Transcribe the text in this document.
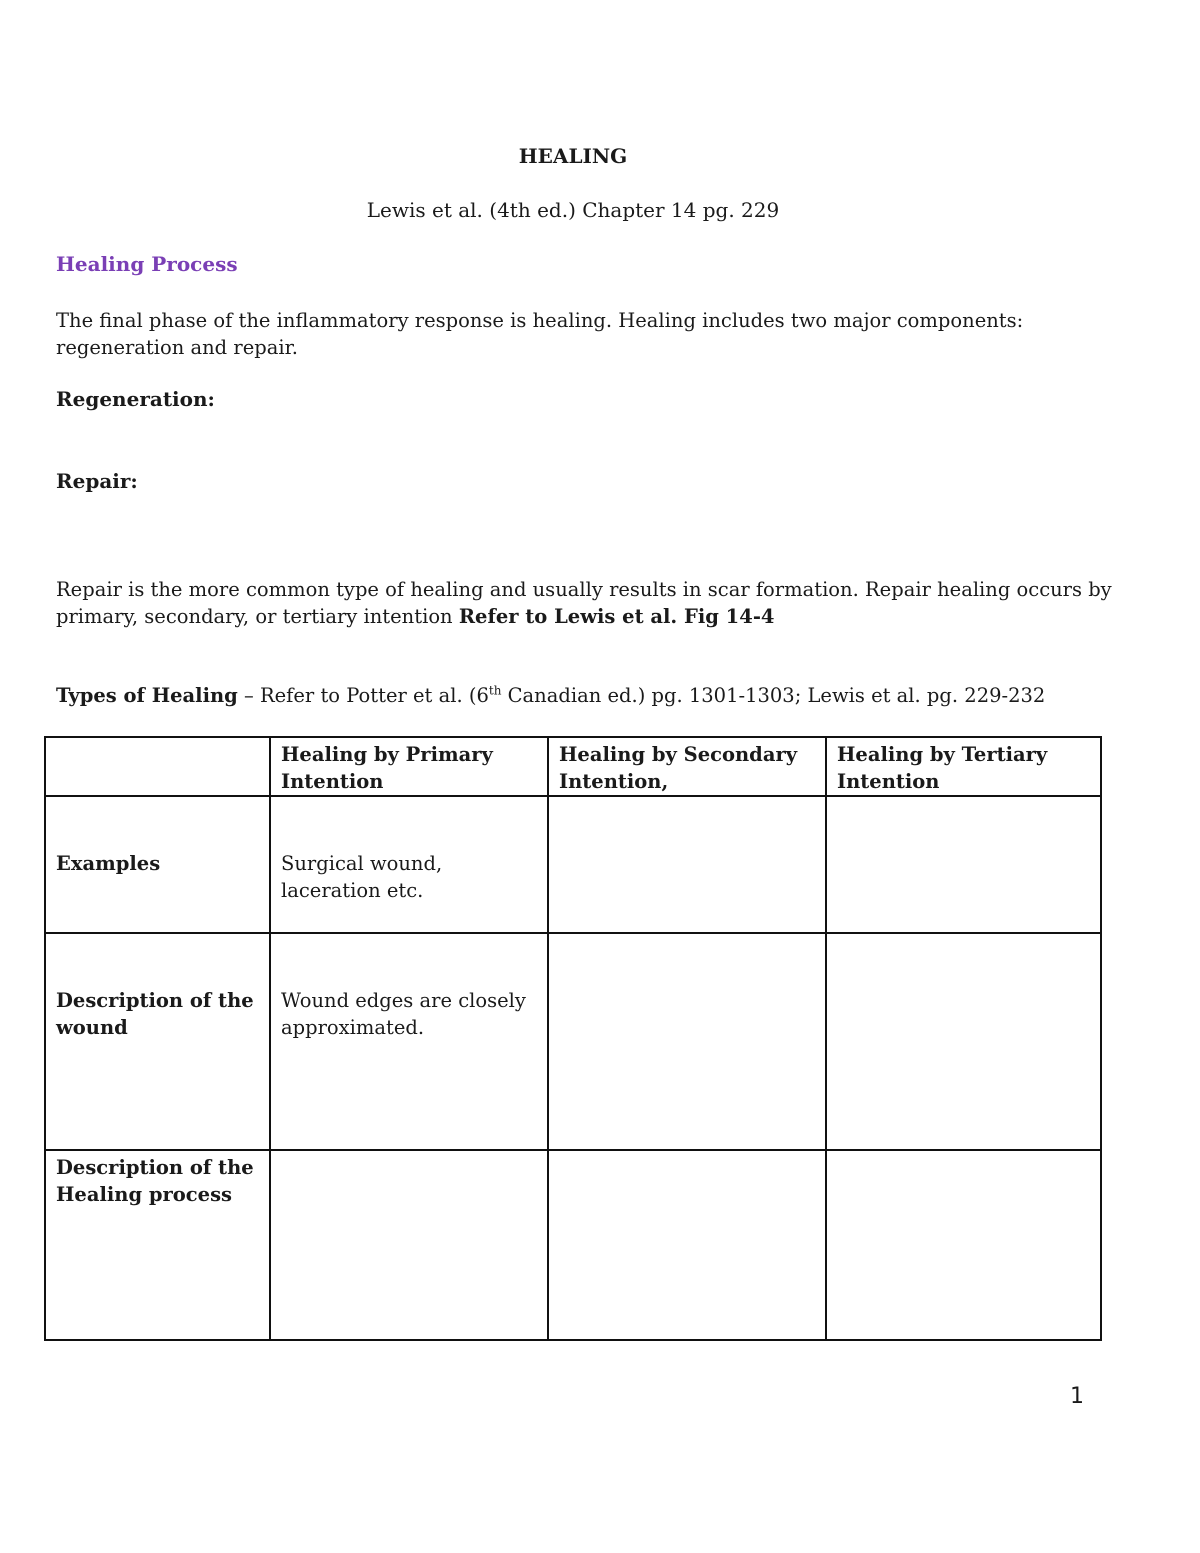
HEALING
Lewis et al. (4th ed.) Chapter 14 pg. 229
Healing Process

The final phase of the inflammatory response is healing. Healing includes two major components: regeneration and repair.

Regeneration:
Repair:

Repair is the more common type of healing and usually results in scar formation. Repair healing occurs by primary, secondary, or tertiary intention Refer to Lewis et al. Fig 14-4

Types of Healing – Refer to Potter et al. (6th Canadian ed.) pg. 1301-1303; Lewis et al. pg. 229-232

	Healing by Primary Intention	Healing by Secondary Intention,	Healing by Tertiary Intention

Examples	Surgical wound, laceration etc.		

Description of the wound	Wound edges are closely approximated.		

Description of the Healing process			
1
